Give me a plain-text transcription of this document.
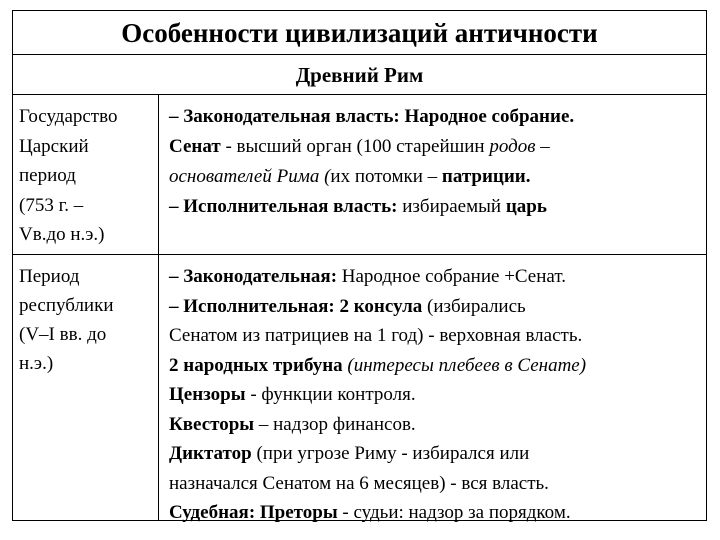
Особенности цивилизаций античности
Древний Рим
Государство
Царский
период
(753 г. –
Vв.до н.э.)
– Законодательная власть: Народное собрание.
Сенат - высший орган (100 старейшин родов –
основателей Рима (их потомки – патриции.
– Исполнительная власть: избираемый царь
Период
республики
(V–I вв. до
н.э.)
– Законодательная: Народное собрание +Сенат.
– Исполнительная: 2 консула (избирались
Сенатом из патрициев на 1 год) - верховная власть.
2 народных трибуна (интересы плебеев в Сенате)
Цензоры - функции контроля.
Квесторы – надзор финансов.
Диктатор (при угрозе Риму - избирался или
назначался Сенатом на 6 месяцев) - вся власть.
Судебная: Преторы - судьи: надзор за порядком.
